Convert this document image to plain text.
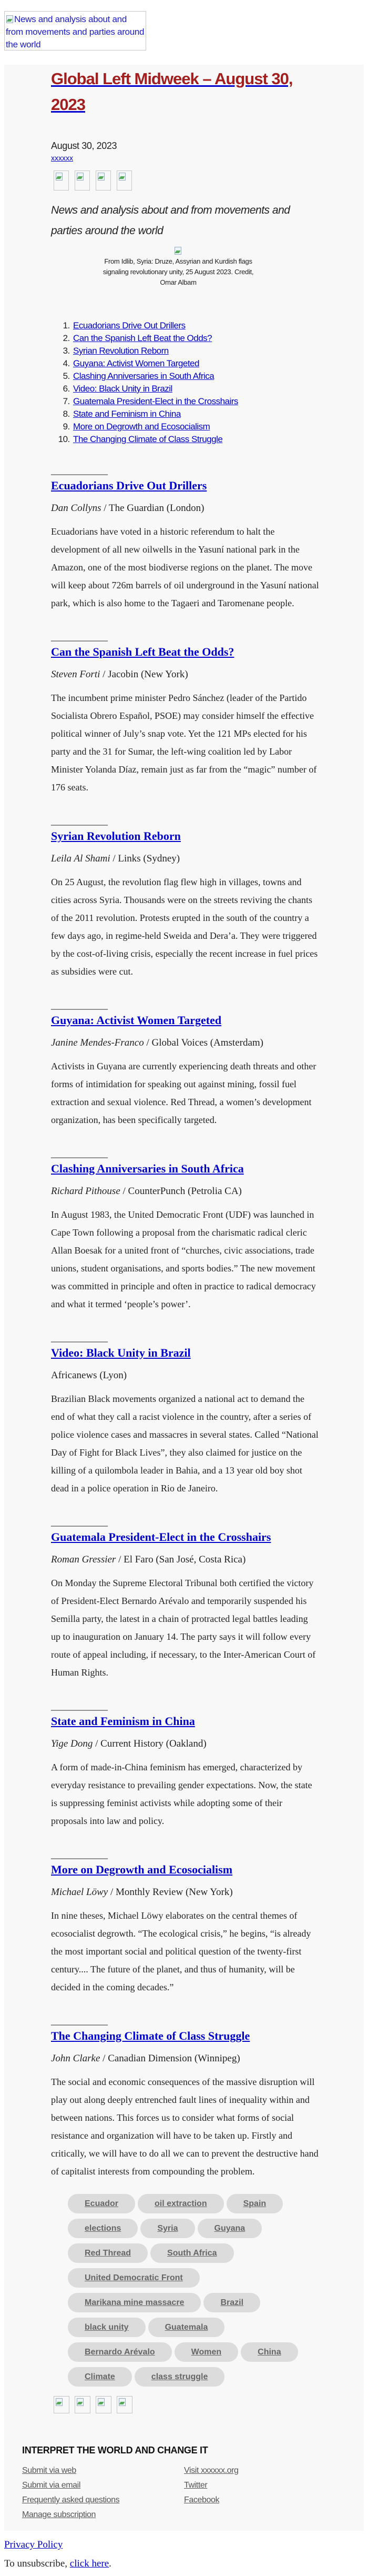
News and analysis about and from movements and parties around the world
Global Left Midweek – August 30, 2023
August 30, 2023
xxxxxx
News and analysis about and from movements and parties around the world
From Idlib, Syria: Druze, Assyrian and Kurdish flags signaling revolutionary unity, 25 August 2023. Credit, Omar Albam
1. Ecuadorians Drive Out Drillers
2. Can the Spanish Left Beat the Odds?
3. Syrian Revolution Reborn
4. Guyana: Activist Women Targeted
5. Clashing Anniversaries in South Africa
6. Video: Black Unity in Brazil
7. Guatemala President-Elect in the Crosshairs
8. State and Feminism in China
9. More on Degrowth and Ecosocialism
10. The Changing Climate of Class Struggle
____________
Ecuadorians Drive Out Drillers
Dan Collyns / The Guardian (London)
Ecuadorians have voted in a historic referendum to halt the development of all new oilwells in the Yasuní national park in the Amazon, one of the most biodiverse regions on the planet. The move will keep about 726m barrels of oil underground in the Yasuní national park, which is also home to the Tagaeri and Taromenane people.
____________
Can the Spanish Left Beat the Odds?
Steven Forti / Jacobin (New York)
The incumbent prime minister Pedro Sánchez (leader of the Partido Socialista Obrero Español, PSOE) may consider himself the effective political winner of July’s snap vote. Yet the 121 MPs elected for his party and the 31 for Sumar, the left-wing coalition led by Labor Minister Yolanda Díaz, remain just as far from the “magic” number of 176 seats.
____________
Syrian Revolution Reborn
Leila Al Shami / Links (Sydney)
On 25 August, the revolution flag flew high in villages, towns and cities across Syria. Thousands were on the streets reviving the chants of the 2011 revolution. Protests erupted in the south of the country a few days ago, in regime-held Sweida and Dera’a. They were triggered by the cost-of-living crisis, especially the recent increase in fuel prices as subsidies were cut.
____________
Guyana: Activist Women Targeted
Janine Mendes-Franco / Global Voices (Amsterdam)
Activists in Guyana are currently experiencing death threats and other forms of intimidation for speaking out against mining, fossil fuel extraction and sexual violence. Red Thread, a women’s development organization, has been specifically targeted.
____________
Clashing Anniversaries in South Africa
Richard Pithouse / CounterPunch (Petrolia CA)
In August 1983, the United Democratic Front (UDF) was launched in Cape Town following a proposal from the charismatic radical cleric Allan Boesak for a united front of “churches, civic associations, trade unions, student organisations, and sports bodies.” The new movement was committed in principle and often in practice to radical democracy and what it termed ‘people’s power’.
____________
Video: Black Unity in Brazil
Africanews (Lyon)
Brazilian Black movements organized a national act to demand the end of what they call a racist violence in the country, after a series of police violence cases and massacres in several states. Called “National Day of Fight for Black Lives”, they also claimed for justice on the killing of a quilombola leader in Bahia, and a 13 year old boy shot dead in a police operation in Rio de Janeiro.
____________
Guatemala President-Elect in the Crosshairs
Roman Gressier / El Faro (San José, Costa Rica)
On Monday the Supreme Electoral Tribunal both certified the victory of President-Elect Bernardo Arévalo and temporarily suspended his Semilla party, the latest in a chain of protracted legal battles leading up to inauguration on January 14. The party says it will follow every route of appeal including, if necessary, to the Inter-American Court of Human Rights.
____________
State and Feminism in China
Yige Dong / Current History (Oakland)
A form of made-in-China feminism has emerged, characterized by everyday resistance to prevailing gender expectations. Now, the state is suppressing feminist activists while adopting some of their proposals into law and policy.
____________
More on Degrowth and Ecosocialism
Michael Löwy / Monthly Review (New York)
In nine theses, Michael Löwy elaborates on the central themes of ecosocialist degrowth. “The ecological crisis,” he begins, “is already the most important social and political question of the twenty-first century.... The future of the planet, and thus of humanity, will be decided in the coming decades.”
____________
The Changing Climate of Class Struggle
John Clarke / Canadian Dimension (Winnipeg)
The social and economic consequences of the massive disruption will play out along deeply entrenched fault lines of inequality within and between nations. This forces us to consider what forms of social resistance and organization will have to be taken up. Firstly and critically, we will have to do all we can to prevent the destructive hand of capitalist interests from compounding the problem.
Ecuador	oil extraction	Spain
elections	Syria	Guyana
Red Thread	South Africa
United Democratic Front
Marikana mine massacre	Brazil
black unity	Guatemala
Bernardo Arévalo	Women	China
Climate	class struggle
INTERPRET THE WORLD AND CHANGE IT
Submit via web
Submit via email
Frequently asked questions
Manage subscription
Visit xxxxxx.org
Twitter
Facebook
Privacy Policy
To unsubscribe, click here.
